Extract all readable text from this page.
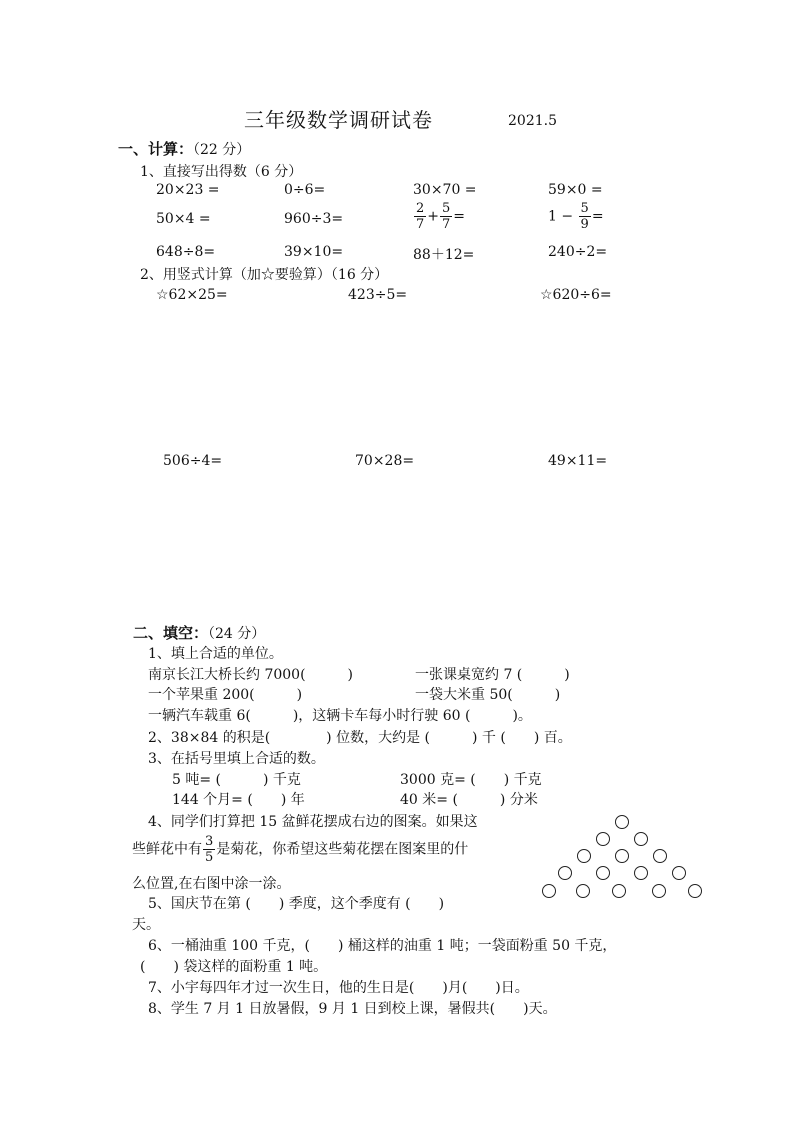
三年级数学调研试卷	2021.5
一、计算：（22 分）
1、直接写出得数（6 分）
20×23 =	0÷6=	30×70 =	59×0 =
50×4 =	960÷3=	$\frac{2}{7} + \frac{5}{7}$ =	$1 - \frac{5}{9}$ =
648÷8=	39×10=	88＋12=	240÷2=
2、用竖式计算（加☆要验算）（16 分）
☆62×25=	423÷5=	☆620÷6=
506÷4=	70×28=	49×11=
二、填空：（24 分）
1、填上合适的单位。
南京长江大桥长约 7000(　　　)	一张课桌宽约 7 (　　　)
一个苹果重 200(　　　)	一袋大米重 50(　　　)
一辆汽车载重 6(　　　)，这辆卡车每小时行驶 60 (　　　)。
2、38×84 的积是(　　　　) 位数，大约是 (　　　) 千 (　　) 百。
3、在括号里填上合适的数。
5 吨= (　　　) 千克	3000 克= (　　) 千克
144 个月= (　　) 年	40 米= (　　　) 分米
4、同学们打算把 15 盆鲜花摆成右边的图案。如果这
些鲜花中有 $\frac{3}{5}$ 是菊花，你希望这些菊花摆在图案里的什
么位置,在右图中涂一涂。
5、国庆节在第 (　　) 季度，这个季度有 (　　)
天。
6、一桶油重 100 千克，(　　) 桶这样的油重 1 吨；一袋面粉重 50 千克，
(　　) 袋这样的面粉重 1 吨。
7、小宇每四年才过一次生日，他的生日是(　　)月(　　)日。
8、学生 7 月 1 日放暑假，9 月 1 日到校上课，暑假共(　　)天。
